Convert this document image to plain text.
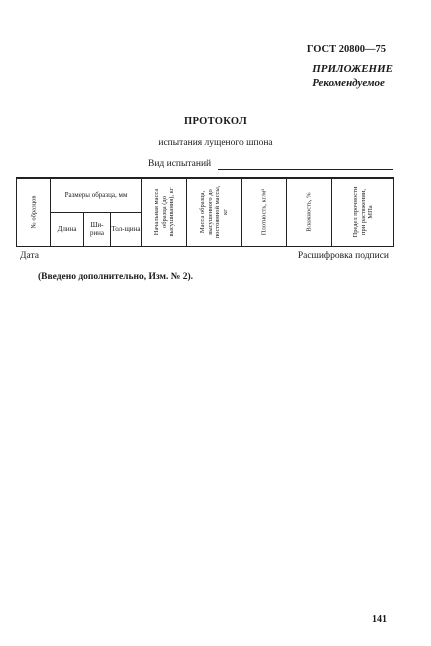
ГОСТ 20800—75
ПРИЛОЖЕНИЕ
Рекомендуемое
ПРОТОКОЛ
испытания лущеного шпона
Вид испытаний
№ образцов	Размеры образца, мм			Начальная масса образца (до высушивания), кг	Масса образца, высушенного до постоянной массы, кг	Плотность, кг/м³	Влажность, %	Предел прочности при растяжении, МПа

	Длина	Ши-рина	Тол-щина					
Дата	Расшифровка подписи
(Введено дополнительно, Изм. № 2).
141
